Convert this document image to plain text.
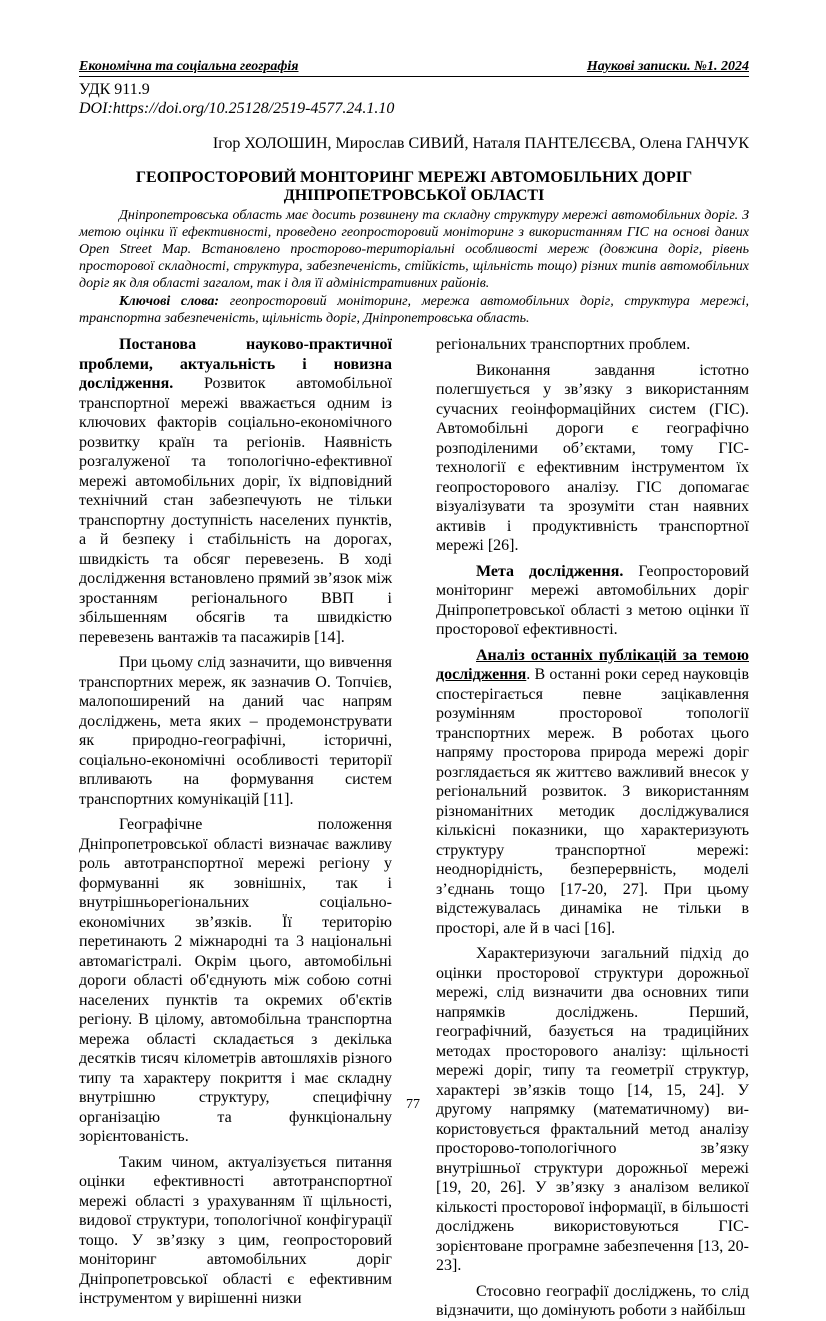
Економічна та соціальна географія	Наукові записки. №1. 2024
УДК 911.9
DOI:https://doi.org/10.25128/2519-4577.24.1.10
Ігор ХОЛОШИН, Мирослав СИВИЙ, Наталя ПАНТЕЛЄЄВА, Олена ГАНЧУК
ГЕОПРОСТОРОВИЙ МОНІТОРИНГ МЕРЕЖІ АВТОМОБІЛЬНИХ ДОРІГ
ДНІПРОПЕТРОВСЬКОЇ ОБЛАСТІ
Дніпропетровська область має досить розвинену та складну структуру мережі автомобільних доріг. З метою оцінки її ефективності, проведено геопросторовий моніторинг з використанням ГІС на основі даних Open Street Map. Встановлено просторово-територіальні особливості мереж (довжина доріг, рівень просторової складності, структура, забезпеченість, стійкість, щільність тощо) різних типів автомобільних доріг як для області загалом, так і для її адміністративних районів.
Ключові слова: геопросторовий моніторинг, мережа автомобільних доріг, структура мережі, транспортна забезпеченість, щільність доріг, Дніпропетровська область.

Постанова науково-практичної проблеми, актуальність і новизна дослідження. Розвиток автомобільної транспортної мережі вважається одним із ключових факторів соціально-економічного розвитку країн та регіонів. Наявність розгалуженої та топологічно-ефективної мережі автомобільних доріг, їх відповідний технічний стан забезпечують не тільки транспортну доступність населених пунктів, а й безпеку і стабільність на дорогах, швидкість та обсяг перевезень. В ході дослідження встановлено прямий зв’язок між зростанням регіонального ВВП і збільшенням обсягів та швидкістю перевезень вантажів та пасажирів [14].

При цьому слід зазначити, що вивчення транспортних мереж, як зазначив О. Топчієв, малопоширений на даний час напрям досліджень, мета яких – продемонструвати як природно-географічні, історичні, соціально-економічні особливості території впливають на формування систем транспортних комунікацій [11].

Географічне положення Дніпропетровської області визначає важливу роль автотранспортної мережі регіону у формуванні як зовнішніх, так і внутрішньорегіональних соціально-економічних зв’язків. Її територію перетинають 2 міжнародні та 3 національні автомагістралі. Окрім цього, автомобільні дороги області об'єднують між собою сотні населених пунктів та окремих об'єктів регіону. В цілому, автомобільна транспортна мережа області складається з декілька десятків тисяч кілометрів автошляхів різного типу та характеру покриття і має складну внутрішню структуру, специфічну організацію та функціональну зорієнтованість.

Таким чином, актуалізується питання оцінки ефективності автотранспортної мережі області з урахуванням її щільності, видової структури, топологічної конфігурації тощо. У зв’язку з цим, геопросторовий моніторинг автомобільних доріг Дніпропетровської області є ефективним інструментом у вирішенні низки

регіональних транспортних проблем.

Виконання завдання істотно полегшується у зв’язку з використанням сучасних геоінформаційних систем (ГІС). Автомобільні дороги є географічно розподіленими об’єктами, тому ГІС-технології є ефективним інструментом їх геопросторового аналізу. ГІС допомагає візуалізувати та зрозуміти стан наявних активів і продуктивність транспортної мережі [26].

Мета дослідження. Геопросторовий моніторинг мережі автомобільних доріг Дніпропетровської області з метою оцінки її просторової ефективності.

Аналіз останніх публікацій за темою дослідження. В останні роки серед науковців спостерігається певне зацікавлення розумінням просторової топології транспортних мереж. В роботах цього напряму просторова природа мережі доріг розглядається як життєво важливий внесок у регіональний розвиток. З використанням різноманітних методик досліджувалися кількісні показники, що характеризують структуру транспортної мережі: неоднорідність, безперервність, моделі з’єднань тощо [17-20, 27]. При цьому відстежувалась динаміка не тільки в просторі, але й в часі [16].

Характеризуючи загальний підхід до оцінки просторової структури дорожньої мережі, слід визначити два основних типи напрямків досліджень. Перший, географічний, базується на традиційних методах просторового аналізу: щільності мережі доріг, типу та геометрії структур, характері зв’язків тощо [14, 15, 24]. У другому напрямку (математичному) ви-користовується фрактальний метод аналізу просторово-топологічного зв’язку внутрішньої структури дорожньої мережі [19, 20, 26]. У зв’язку з аналізом великої кількості просторової інформації, в більшості досліджень використовуються ГІС-зорієнтоване програмне забезпечення [13, 20-23].

Стосовно географії досліджень, то слід відзначити, що домінують роботи з найбільш

77
